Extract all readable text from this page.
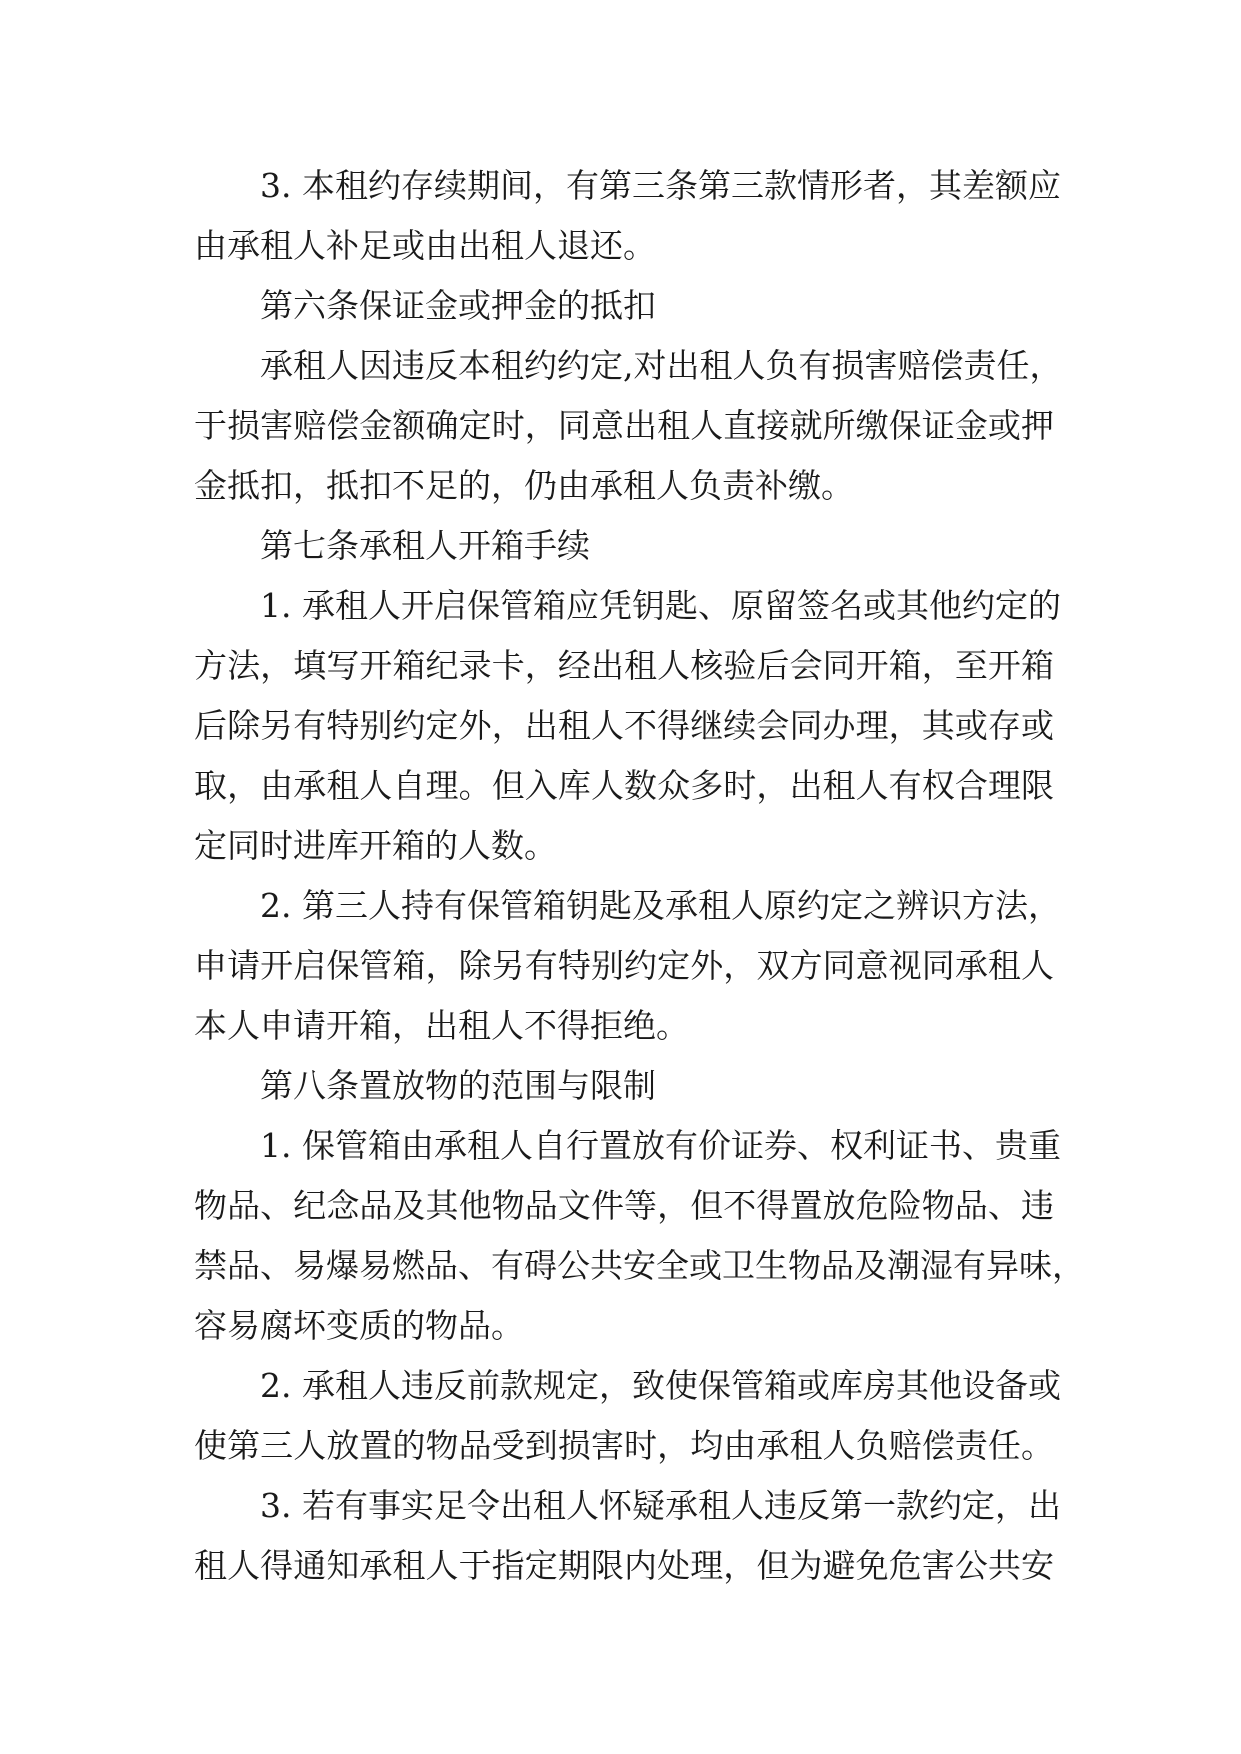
3. 本租约存续期间，有第三条第三款情形者，其差额应
由承租人补足或由出租人退还。
第六条保证金或押金的抵扣
承租人因违反本租约约定,对出租人负有损害赔偿责任，
于损害赔偿金额确定时，同意出租人直接就所缴保证金或押
金抵扣，抵扣不足的，仍由承租人负责补缴。
第七条承租人开箱手续
1. 承租人开启保管箱应凭钥匙、原留签名或其他约定的
方法，填写开箱纪录卡，经出租人核验后会同开箱，至开箱
后除另有特别约定外，出租人不得继续会同办理，其或存或
取，由承租人自理。但入库人数众多时，出租人有权合理限
定同时进库开箱的人数。
2. 第三人持有保管箱钥匙及承租人原约定之辨识方法，
申请开启保管箱，除另有特别约定外，双方同意视同承租人
本人申请开箱，出租人不得拒绝。
第八条置放物的范围与限制
1. 保管箱由承租人自行置放有价证券、权利证书、贵重
物品、纪念品及其他物品文件等，但不得置放危险物品、违
禁品、易爆易燃品、有碍公共安全或卫生物品及潮湿有异味，
容易腐坏变质的物品。
2. 承租人违反前款规定，致使保管箱或库房其他设备或
使第三人放置的物品受到损害时，均由承租人负赔偿责任。
3. 若有事实足令出租人怀疑承租人违反第一款约定，出
租人得通知承租人于指定期限内处理，但为避免危害公共安
